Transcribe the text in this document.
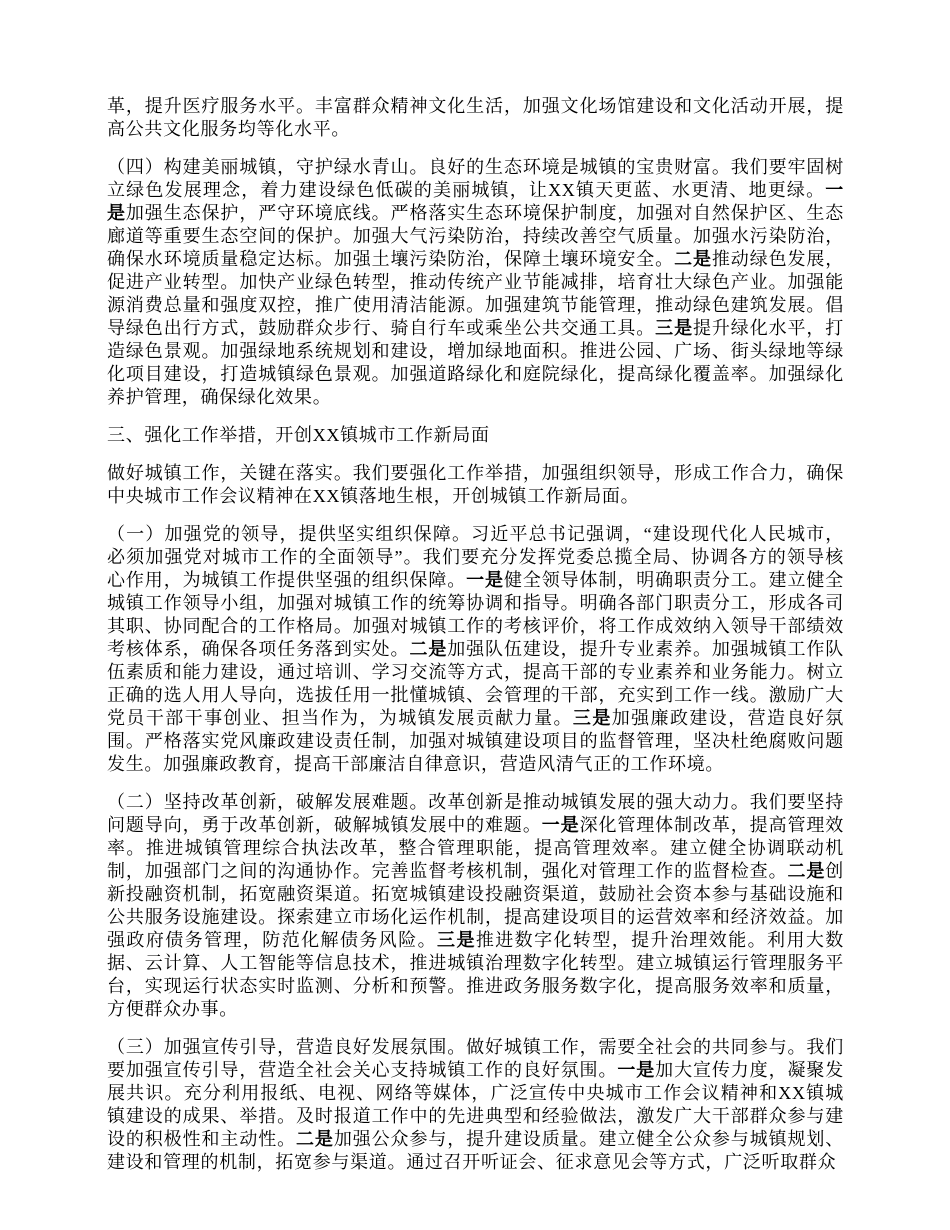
革，提升医疗服务水平。丰富群众精神文化生活，加强文化场馆建设和文化活动开展，提高公共文化服务均等化水平。

（四）构建美丽城镇，守护绿水青山。良好的生态环境是城镇的宝贵财富。我们要牢固树立绿色发展理念，着力建设绿色低碳的美丽城镇，让XX镇天更蓝、水更清、地更绿。一是加强生态保护，严守环境底线。严格落实生态环境保护制度，加强对自然保护区、生态廊道等重要生态空间的保护。加强大气污染防治，持续改善空气质量。加强水污染防治，确保水环境质量稳定达标。加强土壤污染防治，保障土壤环境安全。二是推动绿色发展，促进产业转型。加快产业绿色转型，推动传统产业节能减排，培育壮大绿色产业。加强能源消费总量和强度双控，推广使用清洁能源。加强建筑节能管理，推动绿色建筑发展。倡导绿色出行方式，鼓励群众步行、骑自行车或乘坐公共交通工具。三是提升绿化水平，打造绿色景观。加强绿地系统规划和建设，增加绿地面积。推进公园、广场、街头绿地等绿化项目建设，打造城镇绿色景观。加强道路绿化和庭院绿化，提高绿化覆盖率。加强绿化养护管理，确保绿化效果。

三、强化工作举措，开创XX镇城市工作新局面

做好城镇工作，关键在落实。我们要强化工作举措，加强组织领导，形成工作合力，确保中央城市工作会议精神在XX镇落地生根，开创城镇工作新局面。

（一）加强党的领导，提供坚实组织保障。习近平总书记强调，“建设现代化人民城市，必须加强党对城市工作的全面领导”。我们要充分发挥党委总揽全局、协调各方的领导核心作用，为城镇工作提供坚强的组织保障。一是健全领导体制，明确职责分工。建立健全城镇工作领导小组，加强对城镇工作的统筹协调和指导。明确各部门职责分工，形成各司其职、协同配合的工作格局。加强对城镇工作的考核评价，将工作成效纳入领导干部绩效考核体系，确保各项任务落到实处。二是加强队伍建设，提升专业素养。加强城镇工作队伍素质和能力建设，通过培训、学习交流等方式，提高干部的专业素养和业务能力。树立正确的选人用人导向，选拔任用一批懂城镇、会管理的干部，充实到工作一线。激励广大党员干部干事创业、担当作为，为城镇发展贡献力量。三是加强廉政建设，营造良好氛围。严格落实党风廉政建设责任制，加强对城镇建设项目的监督管理，坚决杜绝腐败问题发生。加强廉政教育，提高干部廉洁自律意识，营造风清气正的工作环境。

（二）坚持改革创新，破解发展难题。改革创新是推动城镇发展的强大动力。我们要坚持问题导向，勇于改革创新，破解城镇发展中的难题。一是深化管理体制改革，提高管理效率。推进城镇管理综合执法改革，整合管理职能，提高管理效率。建立健全协调联动机制，加强部门之间的沟通协作。完善监督考核机制，强化对管理工作的监督检查。二是创新投融资机制，拓宽融资渠道。拓宽城镇建设投融资渠道，鼓励社会资本参与基础设施和公共服务设施建设。探索建立市场化运作机制，提高建设项目的运营效率和经济效益。加强政府债务管理，防范化解债务风险。三是推进数字化转型，提升治理效能。利用大数据、云计算、人工智能等信息技术，推进城镇治理数字化转型。建立城镇运行管理服务平台，实现运行状态实时监测、分析和预警。推进政务服务数字化，提高服务效率和质量，方便群众办事。

（三）加强宣传引导，营造良好发展氛围。做好城镇工作，需要全社会的共同参与。我们要加强宣传引导，营造全社会关心支持城镇工作的良好氛围。一是加大宣传力度，凝聚发展共识。充分利用报纸、电视、网络等媒体，广泛宣传中央城市工作会议精神和XX镇城镇建设的成果、举措。及时报道工作中的先进典型和经验做法，激发广大干部群众参与建设的积极性和主动性。二是加强公众参与，提升建设质量。建立健全公众参与城镇规划、建设和管理的机制，拓宽参与渠道。通过召开听证会、征求意见会等方式，广泛听取群众
